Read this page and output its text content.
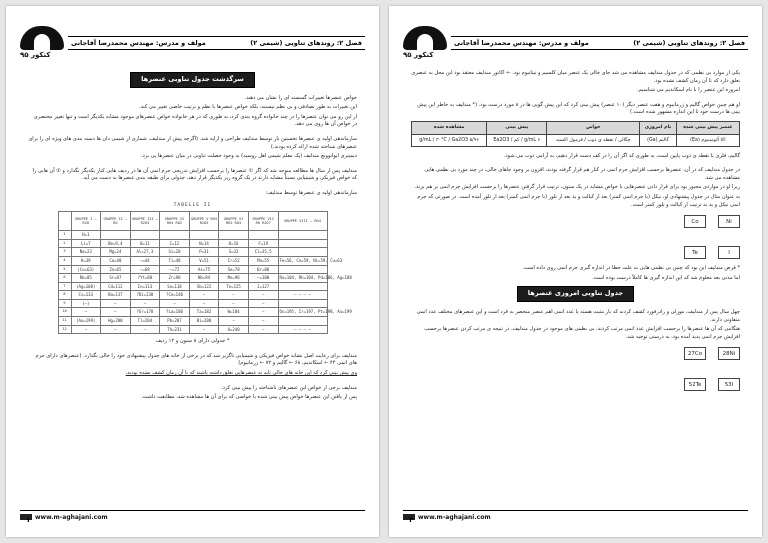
کنکور ۹۵
فصل ۲: روندهای تناوبی (شیمی ۲)
مولف و مدرس: مهندس محمدرضا آقاجانی
سرگذشت جدول تناوبی عنصرها

خواص عنصرها تغییرات گسسته ای را نشان می دهند.

این تغییرات به طور تصادفی و بی نظم نیستند، بلکه خواص عنصرها با نظم و ترتیب خاصی تغییر می کند.

از این رو می توان عنصرها را در چند خانواده گروه بندی کرد، به طوری که در هر خانواده خواص عنصرهای موجود مشابه یکدیگر است و تنها تغییر مختصری در خواص آن ها روی می دهد.

سازماندهی اولیه ی عنصرها نخستین بار توسط مندلیف طراحی و ارایه شد. (اگرچه پیش از مندلیف، شماری از شیمی دان ها دسته بندی های ویژه ای را برای عنصرهای شناخته شده ارائه کرده بودند.)

دیمیتری ایوانوویچ مندلیف (یک معلم شیمی اهل روسیه) به وجود خصلت تناوبی در میان عنصرها پی برد.

مندلیف پس از سال ها مطالعه متوجه شد که اگر ① عنصرها را برحسب افزایش تدریجی جرم اتمی آن ها در ردیف هایی کنار یکدیگر بگذارد و ② آن هایی را که خواص فیزیکی و شیمیایی نسبتاً مشابه دارند در یک گروه زیر یکدیگر قرار دهد، جدولی برای طبقه بندی عنصرها به دست می آید.

سازماندهی اولیه ی عنصرها توسط مندلیف:

TABELLE II
	GRUPPE I — R2O	GRUPPE II — RO	GRUPPE III — R2O3	GRUPPE IV RH4 RO2	GRUPPE V RH3 R2O5	GRUPPE VI RH2 RO3	GRUPPE VII RH R2O7	GRUPPE VIII — RO4
1	H=1							
2	Li=7	Be=9,4	B=11	C=12	N=14	O=16	F=19	
3	Na=23	Mg=24	Al=27,3	Si=28	P=31	S=32	Cl=35,5	
4	K=39	Ca=40	—=44	Ti=48	V=51	Cr=52	Mn=55	Fe=56, Co=59, Ni=59, Cu=63
5	(Cu=63)	Zn=65	—=68	—=72	As=75	Se=78	Br=80	
6	Rb=85	Sr=87	?Yt=88	Zr=90	Nb=94	Mo=96	—=100	Ru=104, Rh=104, Pd=106, Ag=108
7	(Ag=108)	Cd=112	In=113	Sn=118	Sb=122	Te=125	J=127	
8	Cs=133	Ba=137	?Di=138	?Ce=140	—	—	—	— — — —
9	(—)	—	—	—	—	—	—	
10	—	—	?Er=178	?La=180	Ta=182	W=184	—	Os=195, Ir=197, Pt=198, Au=199
11	(Au=199)	Hg=200	Tl=204	Pb=207	Bi=208	—	—	
12	—	—	—	Th=231	—	U=240	—	— — — —

* جدولی دارای ۸ ستون و ۱۲ ردیف

مندلیف برای رعایت اصل تشابه خواص فیزیکی و شیمیایی ناگزیر شد که در برخی از خانه های جدول پیشنهادی خود را خالی بگذارد. (عنصرهای دارای جرم های اتمی ۴۴ ← اسکاندیم، ۶۸ ← گالیم و ۷۲ ← ژرمانیوم)

وی پیش بینی کرد که این خانه های خالی باید به عنصرهایی تعلق داشته باشند که تا آن زمان کشف نشده بودند.

مندلیف برخی از خواص این عنصرهای ناشناخته را پیش بینی کرد.

پس از یافتن این عنصرها خواص پیش بینی شده با خواصی که برای آن ها مشاهده شد، مطابقت داشت.

www.m-aghajani.com
۱
کنکور ۹۵
فصل ۲: روندهای تناوبی (شیمی ۲)
مولف و مدرس: مهندس محمدرضا آقاجانی

یکی از موارد بی نظمی که در جدول مندلیف مشاهده می شد جای خالی یک عنصر میان کلسیم و تیتانیوم بود. ← اکانور مندلیف معتقد بود این محل به عنصری تعلق دارد که تا آن زمان کشف نشده بود.

امروزه این عنصر را با نام اسکاندیم می شناسیم.

او هم چنین خواص گالیم و ژرمانیوم و هفت عنصر دیگر (۱۰ عنصر) پیش بینی کرد که این پیش گویی ها در ۸ مورد درست بود. (* مندلیف به خاطر این پیش بینی ها درست خود تا این اندازه مشهور شده است.)

عنصر پیش بینی شده	نام امروزی	خواص	پیش بینی	مشاهده شده
اکا آلومینیوم (Ea)	گالیم (Ga)	چگالی / نقطه ی ذوب / فرمول اکسید	۶ g/mL / کم / Ea2O3	۵/۹۶ g/mL / ۳۰°C / Ga2O3

گالیم، فلزی با نقطه ی ذوب پایین است، به طوری که اگر آن را در کف دست قرار دهیم، به آرامی ذوب می شود.

در جدول مندلیف که در آن، عنصرها برحسب افزایش جرم اتمی در کنار هم قرار گرفته بودند، افزون بر وجود جاهای خالی، در چند مورد بی نظمی هایی مشاهده می شد.

زیرا او در مواردی مجبور بود برای قرار دادن عنصرهایی با خواص مشابه در یک ستون، ترتیب قرار گرفتن عنصرها را برحسب افزایش جرم اتمی بر هم بزند.

به عنوان مثال در جدول پیشنهادی او، نیکل (با جرم اتمی کمتر) بعد از کبالت و ید بعد از تلور (با جرم اتمی کمتر) بعد از تلور آمده است. در صورتی که جرم اتمی نیکل و ید به ترتیب از کبالت و تلور کمتر است.

Co	Ni
Te	I

* فرض مندلیف این بود که چنین بی نظمی هایی به علت خطا در اندازه گیری جرم اتمی روی داده است.

اما مدتی بعد معلوم شد که این اندازه گیری ها کاملاً درست بوده است.

جدول تناوبی امروزی عنصرها

چهل سال پس از مندلیف، موزلی و رادرفورد کشف کردند که بار مثبت هسته یا عدد اتمی اهم عنصر منحصر به فرد است و این عنصرهای مختلف عدد اتمی متفاوتی دارند.

هنگامی که آن ها عنصرها را برحسب افزایش عدد اتمی مرتب کردند، بی نظمی های موجود در جدول مندلیف، در نتیجه ی مرتب کردن عنصرها برحسب افزایش جرم اتمی پدید آمده بود، به درستی توجیه شد.

27Co	28Ni
52Te	53I
www.m-aghajani.com
۲
